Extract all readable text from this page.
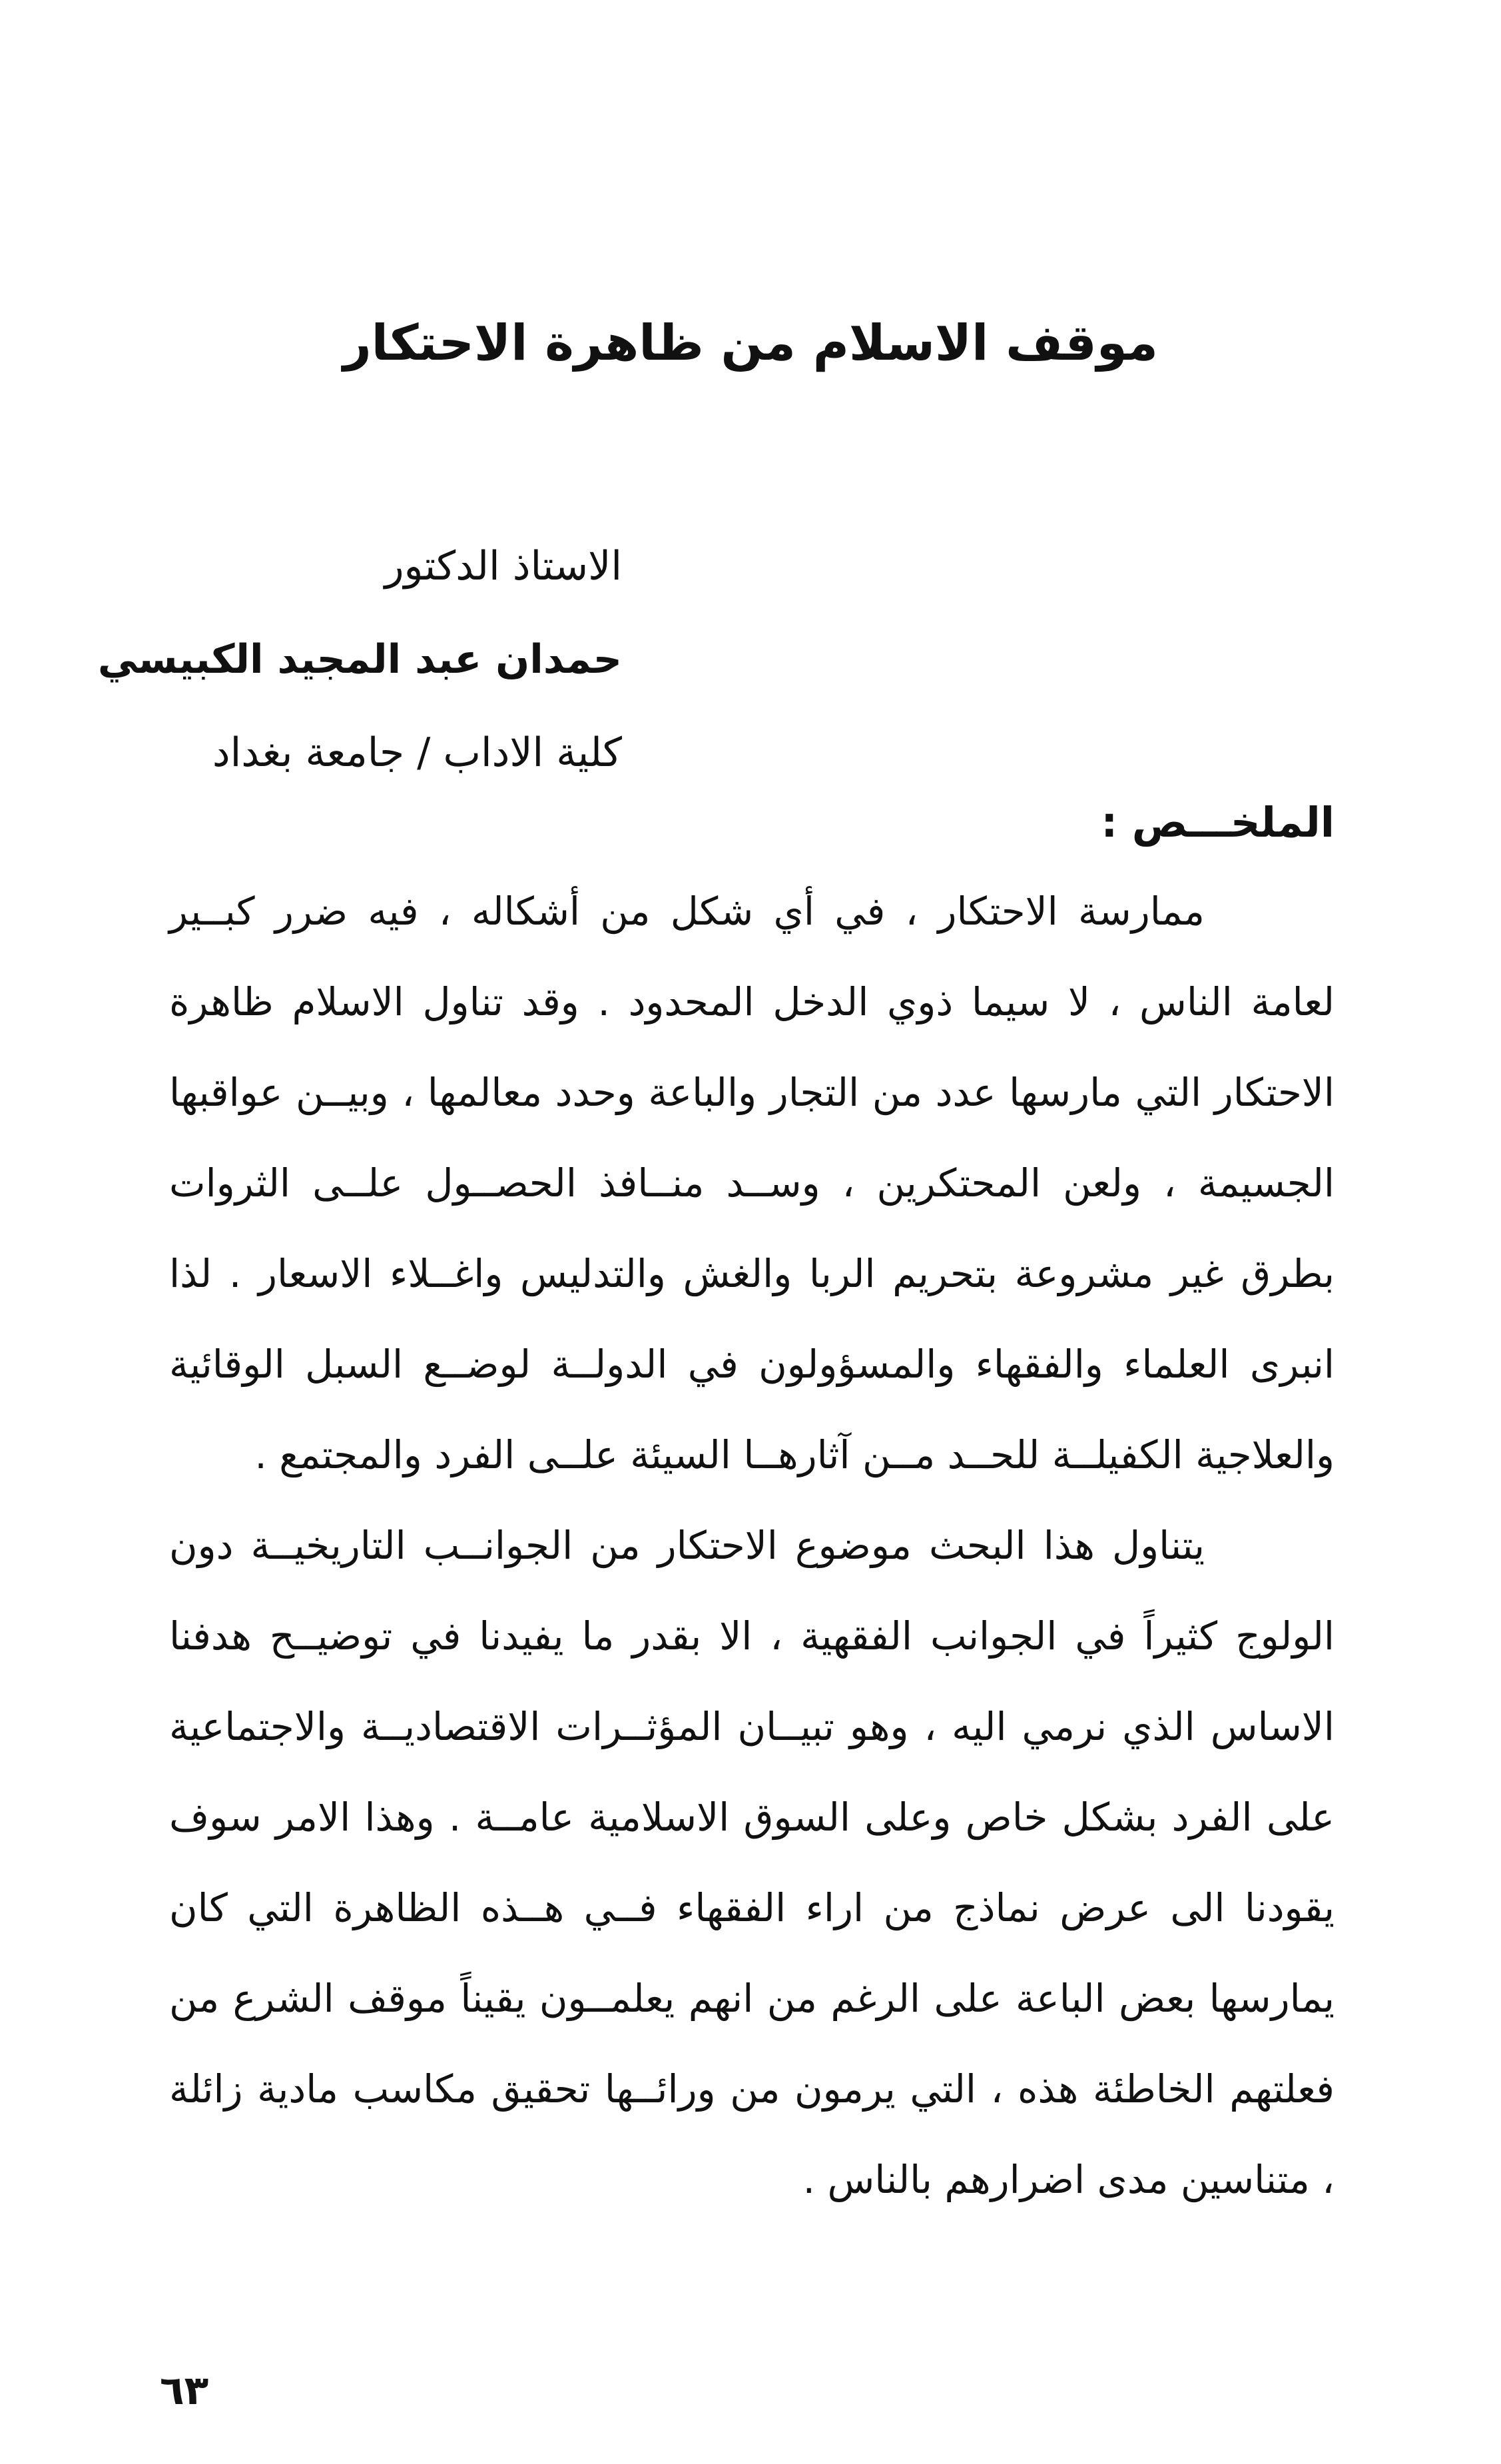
موقف الاسلام من ظاهرة الاحتكار
الاستاذ الدكتور
حمدان عبد المجيد الكبيسي
كلية الاداب / جامعة بغداد
الملخـــص :

ممارسة الاحتكار ، في أي شكل من أشكاله ، فيه ضرر كبــير لعامة الناس ، لا سيما ذوي الدخل المحدود . وقد تناول الاسلام ظاهرة الاحتكار التي مارسها عدد من التجار والباعة وحدد معالمها ، وبيــن عواقبها الجسيمة ، ولعن المحتكرين ، وســد منــافذ الحصــول علــى الثروات بطرق غير مشروعة بتحريم الربا والغش والتدليس واغــلاء الاسعار . لذا انبرى العلماء والفقهاء والمسؤولون في الدولــة لوضــع السبل الوقائية والعلاجية الكفيلــة للحــد مــن آثارهــا السيئة علــى الفرد والمجتمع .

يتناول هذا البحث موضوع الاحتكار من الجوانــب التاريخيــة دون الولوج كثيراً في الجوانب الفقهية ، الا بقدر ما يفيدنا في توضيــح هدفنا الاساس الذي نرمي اليه ، وهو تبيــان المؤثــرات الاقتصاديــة والاجتماعية على الفرد بشكل خاص وعلى السوق الاسلامية عامــة . وهذا الامر سوف يقودنا الى عرض نماذج من اراء الفقهاء فــي هــذه الظاهرة التي كان يمارسها بعض الباعة على الرغم من انهم يعلمــون يقيناً موقف الشرع من فعلتهم الخاطئة هذه ، التي يرمون من ورائــها تحقيق مكاسب مادية زائلة ، متناسين مدى اضرارهم بالناس .

٦٣
